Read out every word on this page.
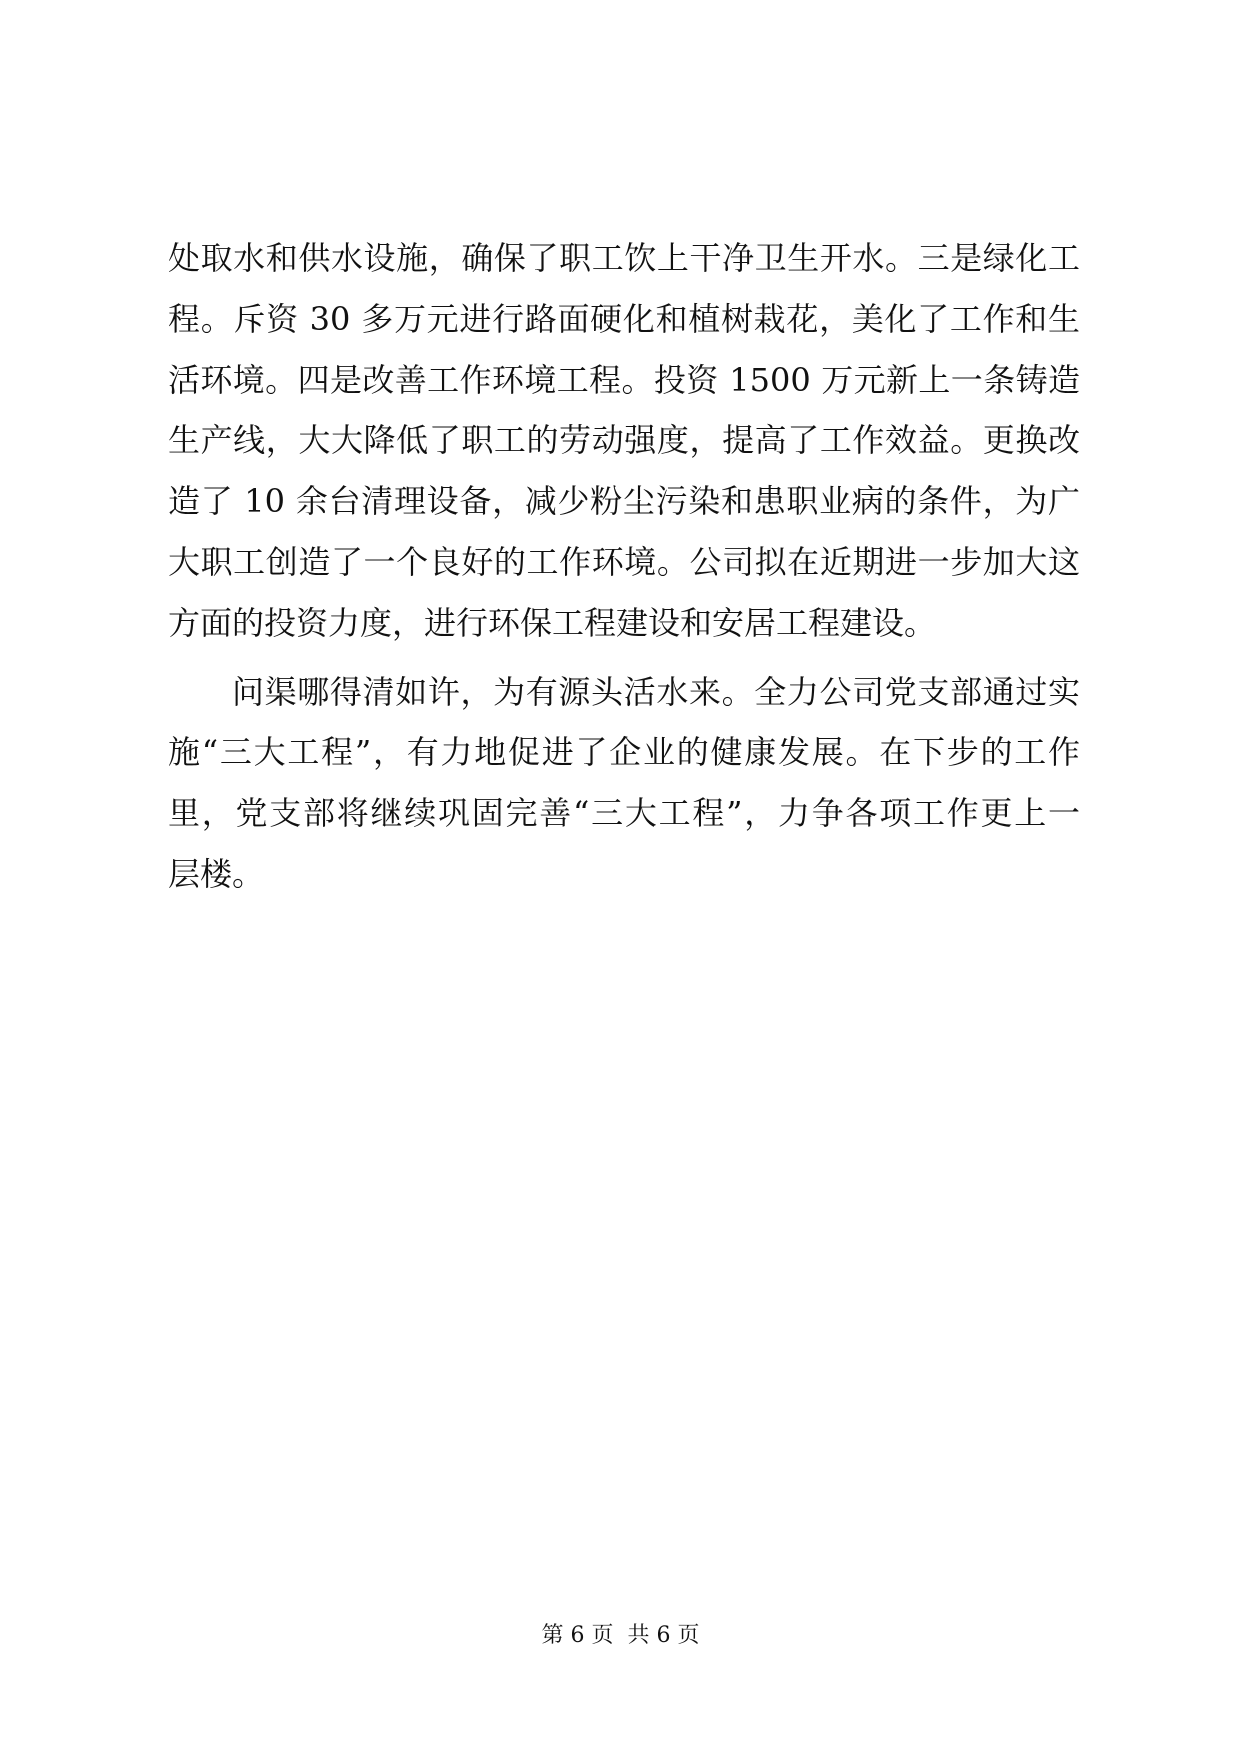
处取水和供水设施，确保了职工饮上干净卫生开水。三是绿化工
程。斥资 30 多万元进行路面硬化和植树栽花，美化了工作和生
活环境。四是改善工作环境工程。投资 1500 万元新上一条铸造
生产线，大大降低了职工的劳动强度，提高了工作效益。更换改
造了 10 余台清理设备，减少粉尘污染和患职业病的条件，为广
大职工创造了一个良好的工作环境。公司拟在近期进一步加大这
方面的投资力度，进行环保工程建设和安居工程建设。
问渠哪得清如许，为有源头活水来。全力公司党支部通过实
施“三大工程”，有力地促进了企业的健康发展。在下步的工作
里，党支部将继续巩固完善“三大工程”，力争各项工作更上一
层楼。
第 6 页  共 6 页
